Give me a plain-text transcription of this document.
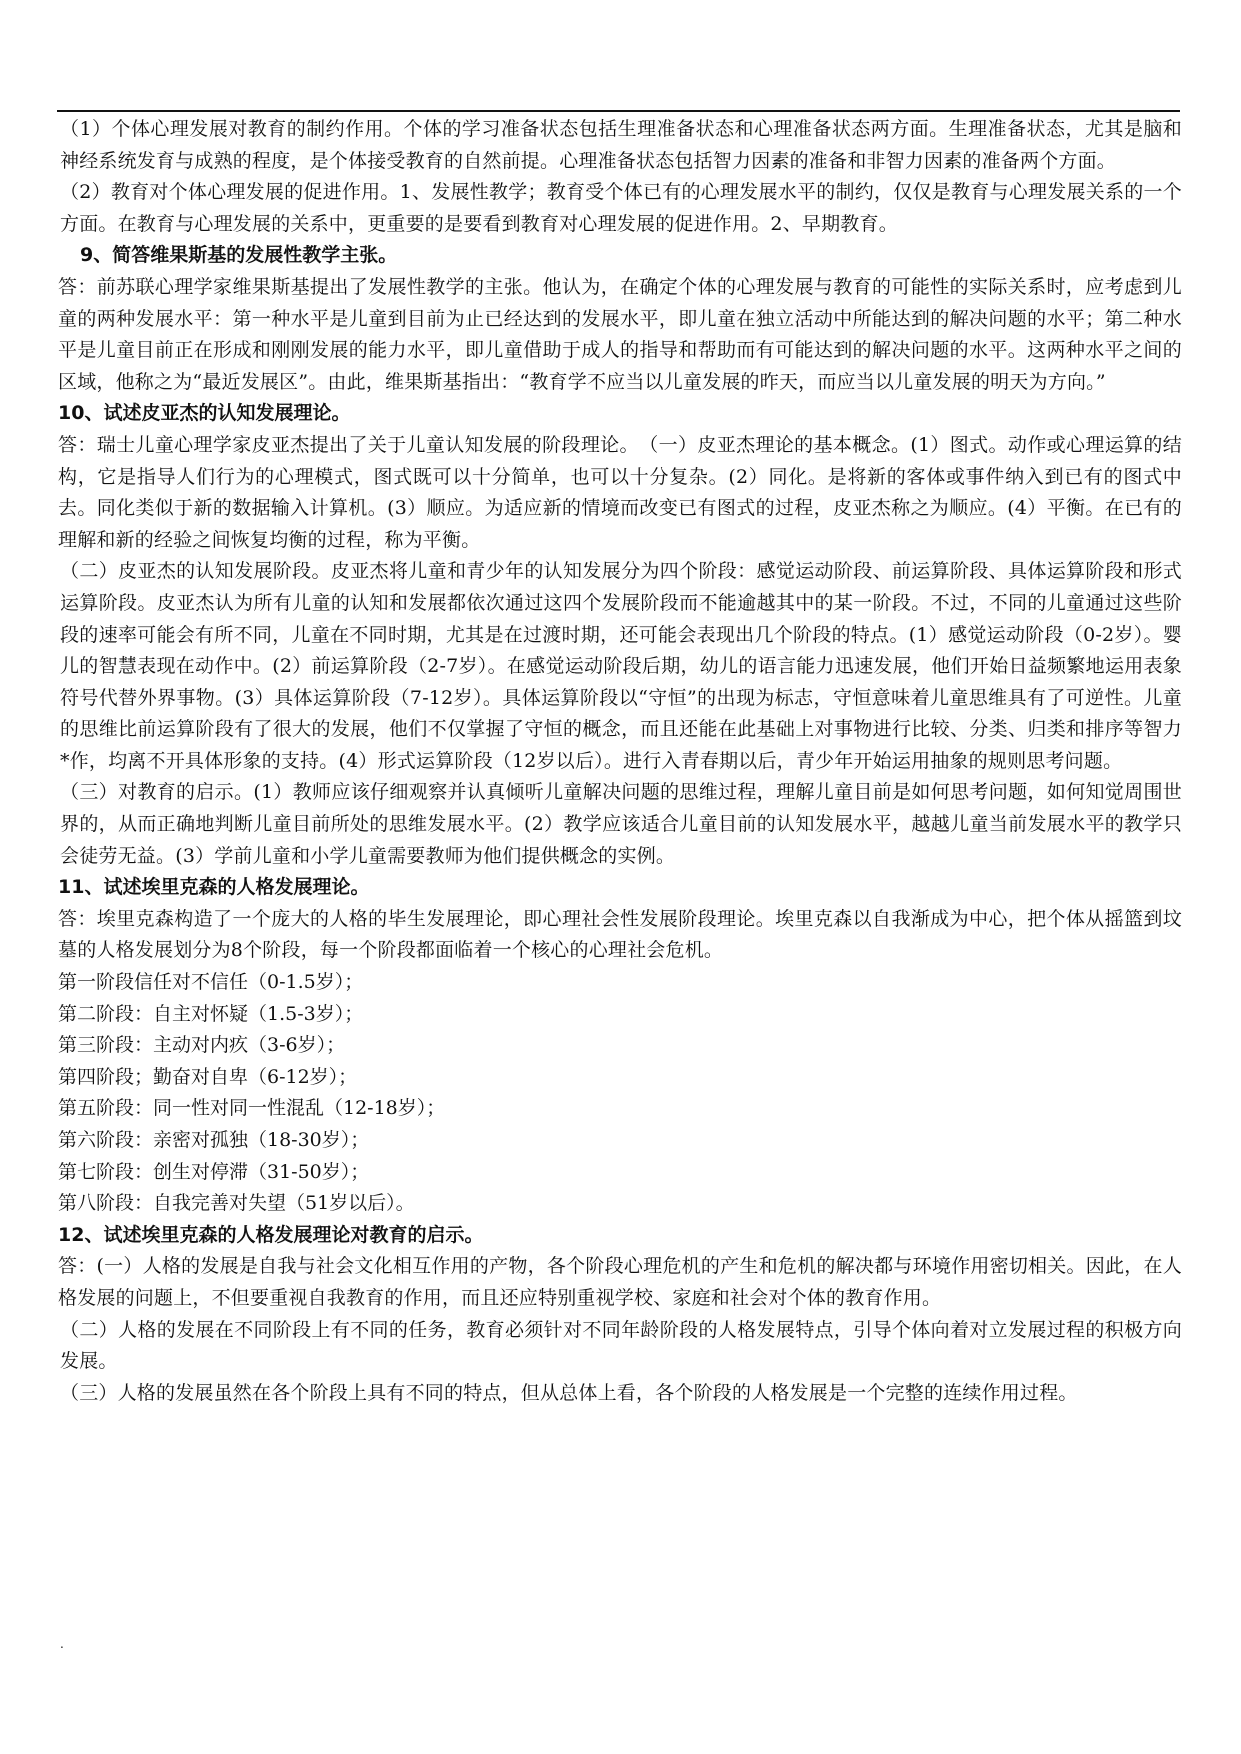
（1）个体心理发展对教育的制约作用。个体的学习准备状态包括生理准备状态和心理准备状态两方面。生理准备状态，尤其是脑和神经系统发育与成熟的程度，是个体接受教育的自然前提。心理准备状态包括智力因素的准备和非智力因素的准备两个方面。

（2）教育对个体心理发展的促进作用。1、发展性教学；教育受个体已有的心理发展水平的制约，仅仅是教育与心理发展关系的一个方面。在教育与心理发展的关系中，更重要的是要看到教育对心理发展的促进作用。2、早期教育。

9、简答维果斯基的发展性教学主张。

答：前苏联心理学家维果斯基提出了发展性教学的主张。他认为，在确定个体的心理发展与教育的可能性的实际关系时，应考虑到儿童的两种发展水平：第一种水平是儿童到目前为止已经达到的发展水平，即儿童在独立活动中所能达到的解决问题的水平；第二种水平是儿童目前正在形成和刚刚发展的能力水平，即儿童借助于成人的指导和帮助而有可能达到的解决问题的水平。这两种水平之间的区域，他称之为“最近发展区”。由此，维果斯基指出：“教育学不应当以儿童发展的昨天，而应当以儿童发展的明天为方向。”

10、试述皮亚杰的认知发展理论。

答：瑞士儿童心理学家皮亚杰提出了关于儿童认知发展的阶段理论。　（一）皮亚杰理论的基本概念。(1）图式。动作或心理运算的结构，它是指导人们行为的心理模式，图式既可以十分简单，也可以十分复杂。(2）同化。是将新的客体或事件纳入到已有的图式中去。同化类似于新的数据输入计算机。(3）顺应。为适应新的情境而改变已有图式的过程，皮亚杰称之为顺应。(4）平衡。在已有的理解和新的经验之间恢复均衡的过程，称为平衡。

（二）皮亚杰的认知发展阶段。皮亚杰将儿童和青少年的认知发展分为四个阶段：感觉运动阶段、前运算阶段、具体运算阶段和形式运算阶段。皮亚杰认为所有儿童的认知和发展都依次通过这四个发展阶段而不能逾越其中的某一阶段。不过，不同的儿童通过这些阶段的速率可能会有所不同，儿童在不同时期，尤其是在过渡时期，还可能会表现出几个阶段的特点。(1）感觉运动阶段（0-2岁）。婴儿的智慧表现在动作中。(2）前运算阶段（2-7岁）。在感觉运动阶段后期，幼儿的语言能力迅速发展，他们开始日益频繁地运用表象符号代替外界事物。(3）具体运算阶段（7-12岁）。具体运算阶段以“守恒”的出现为标志，守恒意味着儿童思维具有了可逆性。儿童的思维比前运算阶段有了很大的发展，他们不仅掌握了守恒的概念，而且还能在此基础上对事物进行比较、分类、归类和排序等智力*作，均离不开具体形象的支持。(4）形式运算阶段（12岁以后）。进行入青春期以后，青少年开始运用抽象的规则思考问题。

（三）对教育的启示。(1）教师应该仔细观察并认真倾听儿童解决问题的思维过程，理解儿童目前是如何思考问题，如何知觉周围世界的，从而正确地判断儿童目前所处的思维发展水平。(2）教学应该适合儿童目前的认知发展水平，越越儿童当前发展水平的教学只会徒劳无益。(3）学前儿童和小学儿童需要教师为他们提供概念的实例。

11、试述埃里克森的人格发展理论。

答：埃里克森构造了一个庞大的人格的毕生发展理论，即心理社会性发展阶段理论。埃里克森以自我渐成为中心，把个体从摇篮到坟墓的人格发展划分为8个阶段，每一个阶段都面临着一个核心的心理社会危机。

第一阶段信任对不信任（0-1.5岁）；

第二阶段：自主对怀疑（1.5-3岁）；

第三阶段：主动对内疚（3-6岁）；

第四阶段；勤奋对自卑（6-12岁）；

第五阶段：同一性对同一性混乱（12-18岁）；

第六阶段：亲密对孤独（18-30岁）；

第七阶段：创生对停滞（31-50岁）；

第八阶段：自我完善对失望（51岁以后）。

12、试述埃里克森的人格发展理论对教育的启示。

答：(一）人格的发展是自我与社会文化相互作用的产物，各个阶段心理危机的产生和危机的解决都与环境作用密切相关。因此，在人格发展的问题上，不但要重视自我教育的作用，而且还应特别重视学校、家庭和社会对个体的教育作用。

（二）人格的发展在不同阶段上有不同的任务，教育必须针对不同年龄阶段的人格发展特点，引导个体向着对立发展过程的积极方向发展。

（三）人格的发展虽然在各个阶段上具有不同的特点，但从总体上看，各个阶段的人格发展是一个完整的连续作用过程。

.
